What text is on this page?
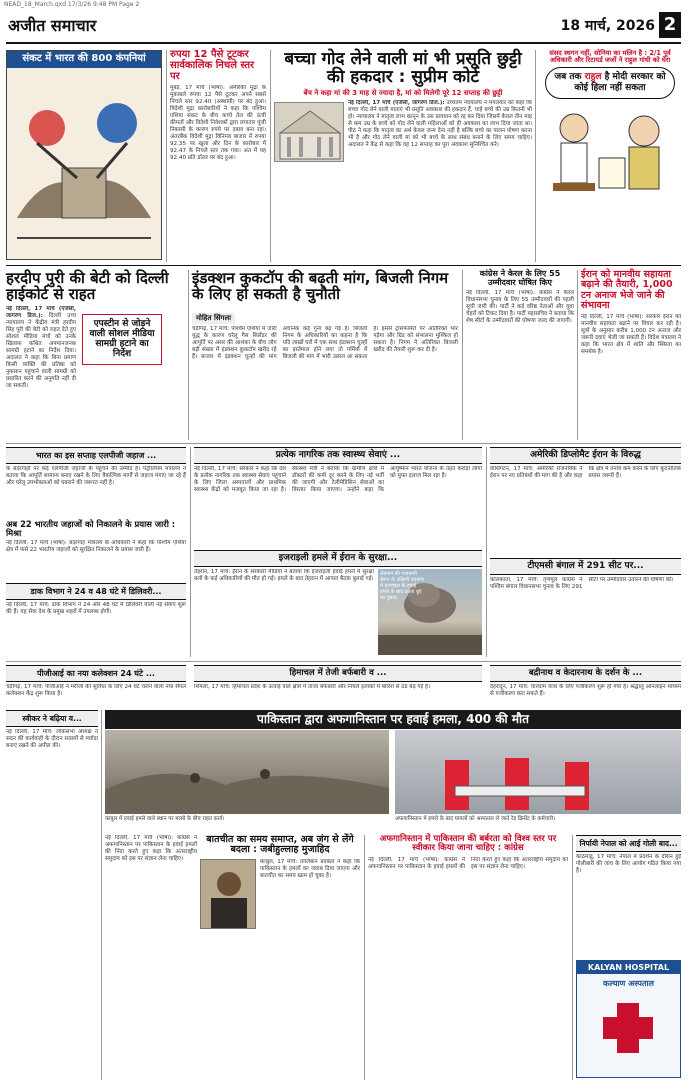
NEAD_18_March.qxd 17/3/26 9:48 PM Page 2
अजीत समाचार	18 मार्च, 2026 2
संकट में भारत की 800 कंपनियां	रुपया 12 पैसे टूटकर सार्वकालिक निचले स्तर पर
मुंबई, 17 मार्च (भाषा): अमेरिकी मुद्रा के मुकाबले रुपया 12 पैसे टूटकर अपने सबसे निचले स्तर 92.40 (अस्थायी) पर बंद हुआ। विदेशी मुद्रा कारोबारियों ने कहा कि पश्चिम एशिया संकट के बीच कच्चे तेल की ऊंची कीमतों और विदेशी निवेशकों द्वारा लगातार पूंजी निकासी के कारण रुपये पर दबाव बना रहा। अंतरबैंक विदेशी मुद्रा विनिमय बाजार में रुपया 92.35 पर खुला और दिन के कारोबार में 92.47 के निचले स्तर तक गया। अंत में यह 92.40 प्रति डॉलर पर बंद हुआ।
बच्चा गोद लेने वाली मां भी प्रसूति छुट्टी की हकदार : सुप्रीम कोर्ट
बेंच ने कहा मां की 3 माह से ज्यादा है, मां को मिलेगी पूरे 12 सप्ताह की छुट्टी
नई दिल्ली, 17 मार्च (एजेंसी, जागरण डिज.): उच्चतम न्यायालय ने मंगलवार को कहा कि बच्चा गोद लेने वाली माताएं भी प्रसूति अवकाश की हकदार हैं, चाहे बच्चे की उम्र कितनी भी हो। न्यायालय ने मातृत्व लाभ कानून के उस प्रावधान को रद्द कर दिया जिसमें केवल तीन माह से कम उम्र के बच्चे को गोद लेने वाली महिलाओं को ही अवकाश का लाभ दिया जाता था। पीठ ने कहा कि मातृत्व का अर्थ केवल जन्म देना नहीं है बल्कि बच्चे का पालन पोषण करना भी है और गोद लेने वाली मां को भी बच्चे के साथ संबंध बनाने के लिए समय चाहिए। अदालत ने केंद्र से कहा कि वह 12 सप्ताह का पूरा अवकाश सुनिश्चित करे।
संसद स्थगन नहीं, सोनिया का मलिन है : 2/1 पूर्व अधिकारी और रिटायर्ड जजों ने राहुल गांधी को घेरा
जब तक राहुल है मोदी सरकार को कोई हिला नहीं सकता
हरदीप पुरी की बेटी को दिल्ली हाईकोर्ट से राहत
नई दिल्ली, 17 मार्च (एजेंसी, जागरण डिज.): दिल्ली उच्च न्यायालय ने केंद्रीय मंत्री हरदीप सिंह पुरी की बेटी को राहत देते हुए सोशल मीडिया मंचों को उनके खिलाफ कथित अपमानजनक सामग्री हटाने का निर्देश दिया। अदालत ने कहा कि बिना प्रमाण किसी व्यक्ति की प्रतिष्ठा को नुकसान पहुंचाने वाली सामग्री को प्रसारित करने की अनुमति नहीं दी जा सकती।
एपस्टीन से जोड़ने वाली सोशल मीडिया सामग्री हटाने का निर्देश
इंडक्शन कुकटॉप की बढ़ती मांग, बिजली निगम के लिए हो सकती है चुनौती
मोहित सिंगला
चंडीगढ़, 17 मार्च: पश्चिम एशिया में जारी युद्ध के कारण घरेलू गैस सिलेंडर की आपूर्ति पर असर की आशंका के बीच लोग बड़ी संख्या में इंडक्शन कुकटॉप खरीद रहे हैं। बाजार में इंडक्शन चूल्हों की मांग अचानक कई गुना बढ़ गई है। बिजली निगम के अधिकारियों का कहना है कि यदि लाखों घरों में एक साथ इंडक्शन चूल्हों का इस्तेमाल होने लगा तो गर्मियों में बिजली की मांग में भारी उछाल आ सकता है। इससे ट्रांसफार्मरों पर अतिरिक्त भार पड़ेगा और ग्रिड को संभालना मुश्किल हो सकता है। निगम ने अतिरिक्त बिजली खरीद की तैयारी शुरू कर दी है।
कांग्रेस ने केरल के लिए 55 उम्मीदवार घोषित किए
नई दिल्ली, 17 मार्च (भाषा): कांग्रेस ने केरल विधानसभा चुनाव के लिए 55 उम्मीदवारों की पहली सूची जारी की। पार्टी ने कई वरिष्ठ नेताओं और युवा चेहरों को टिकट दिया है। पार्टी महासचिव ने बताया कि शेष सीटों के उम्मीदवारों की घोषणा जल्द की जाएगी।
ईरान को मानवीय सहायता बढ़ाने की तैयारी, 1,000 टन अनाज भेजे जाने की संभावना
नई दिल्ली, 17 मार्च (भाषा): सरकार ईरान को मानवीय सहायता बढ़ाने पर विचार कर रही है। सूत्रों के अनुसार करीब 1,000 टन अनाज और जरूरी दवाएं भेजी जा सकती हैं। विदेश मंत्रालय ने कहा कि भारत क्षेत्र में शांति और स्थिरता का समर्थक है।
भारत का इस सप्ताह एलपीजी जहाज ...
के बंदरगाहों पर कई एलपीजी जहाजों के पहुंचने की उम्मीद है। पेट्रोलियम मंत्रालय ने बताया कि आपूर्ति सामान्य बनाए रखने के लिए वैकल्पिक मार्गों से जहाज मंगाए जा रहे हैं और घरेलू उपभोक्ताओं को घबराने की जरूरत नहीं है।
अब 22 भारतीय जहाजों को निकालने के प्रयास जारी : मिश्रा
नई दिल्ली, 17 मार्च (भाषा): बंदरगाह मंत्रालय के अधिकारी ने कहा कि पश्चिम एशिया क्षेत्र में फंसे 22 भारतीय जहाजों को सुरक्षित निकालने के प्रयास जारी हैं।
डाक विभाग ने 24 व 48 घंटे में डिलिवरी...
नई दिल्ली, 17 मार्च: डाक विभाग ने 24 और 48 घंटे में डिलिवरी वाली नई सेवाएं शुरू की हैं। यह सेवा देश के प्रमुख शहरों में उपलब्ध होगी।
प्रत्येक नागरिक तक स्वास्थ्य सेवाएं ...
नई दिल्ली, 17 मार्च: सरकार ने कहा कि देश के प्रत्येक नागरिक तक स्वास्थ्य सेवाएं पहुंचाने के लिए जिला अस्पतालों और प्राथमिक स्वास्थ्य केंद्रों को मजबूत किया जा रहा है। स्वास्थ्य मंत्री ने बताया कि ग्रामीण क्षेत्रों में डॉक्टरों की कमी दूर करने के लिए नई भर्ती की जाएगी और टेलीमेडिसिन सेवाओं का विस्तार किया जाएगा। उन्होंने कहा कि आयुष्मान भारत योजना के तहत करोड़ों लोगों को मुफ्त इलाज मिल रहा है।
इजराइली हमले में ईरान के सुरक्षा...
तेहरान, 17 मार्च: ईरान के सरकारी मीडिया ने बताया कि इजराइली हवाई हमले में सुरक्षा बलों के कई अधिकारियों की मौत हो गई। हमले के बाद तेहरान में आपात बैठक बुलाई गई।
लेबनान की राजधानी बेरूत के दक्षिणी उपनगर में इजराइल के हवाई हमले के बाद उठता धुएं का गुबार।
अमेरिकी डिप्लोमैट ईरान के विरुद्ध
वॉशिंगटन, 17 मार्च: अमेरिकी राजनयिक ने ईरान पर नए प्रतिबंधों की मांग की है और कहा कि क्षेत्र में तनाव कम करने के लिए कूटनीतिक प्रयास जरूरी हैं।
टीएमसी बंगाल में 291 सीट पर...
कोलकाता, 17 मार्च: तृणमूल कांग्रेस ने पश्चिम बंगाल विधानसभा चुनाव के लिए 291 सीटों पर उम्मीदवार उतारने की घोषणा की।
हिमाचल में तेजी बर्फबारी व ...
शिमला, 17 मार्च: हिमाचल प्रदेश के ऊंचाई वाले क्षेत्रों में ताजा बर्फबारी और निचले इलाकों में बारिश से ठंड बढ़ गई है।
पीजीआई का नया कलेक्शन 24 घंटे ...
चंडीगढ़, 17 मार्च: पीजीआई ने मरीजों की सुविधा के लिए 24 घंटे चलने वाला नया सैंपल कलेक्शन केंद्र शुरू किया है।
बद्रीनाथ व केदारनाथ के दर्शन के ...
देहरादून, 17 मार्च: चारधाम यात्रा के लिए पंजीकरण शुरू हो गया है। श्रद्धालु ऑनलाइन माध्यम से पंजीकरण करा सकते हैं।
स्वीकर ने बढ़िया व...
नई दिल्ली, 17 मार्च: लोकसभा अध्यक्ष ने सदन की कार्यवाही के दौरान सदस्यों से मर्यादा बनाए रखने की अपील की।
पाकिस्तान द्वारा अफगानिस्तान पर हवाई हमला, 400 की मौत
काबुल में हवाई हमले वाले स्थान पर मलबे के बीच राहत कार्य।	अफगानिस्तान में हमले के बाद घायलों को अस्पताल ले जाते रेड क्रिसेंट के कर्मचारी।
बातचीत का समय समाप्त, अब जंग से लेंगे बदला : जबीहुल्लाह मुजाहिद
काबुल, 17 मार्च: तालिबान प्रवक्ता ने कहा कि पाकिस्तान के हमलों का जवाब दिया जाएगा और बातचीत का समय खत्म हो चुका है।
नई दिल्ली, 17 मार्च (भाषा): कांग्रेस ने अफगानिस्तान पर पाकिस्तान के हवाई हमलों की निंदा करते हुए कहा कि अंतरराष्ट्रीय समुदाय को इस पर संज्ञान लेना चाहिए।
अफगानिस्तान में पाकिस्तान की बर्बरता को विश्व स्तर पर स्वीकार किया जाना चाहिए : कांग्रेस
नई दिल्ली, 17 मार्च (भाषा): कांग्रेस ने अफगानिस्तान पर पाकिस्तान के हवाई हमलों की निंदा करते हुए कहा कि अंतरराष्ट्रीय समुदाय को इस पर संज्ञान लेना चाहिए।
निर्पायी नेपाल को आई गोली बाद...
काठमांडू, 17 मार्च: नेपाल में प्रदर्शन के दौरान हुई गोलीबारी की जांच के लिए आयोग गठित किया गया है।
KALYAN HOSPITAL
कल्याण अस्पताल
